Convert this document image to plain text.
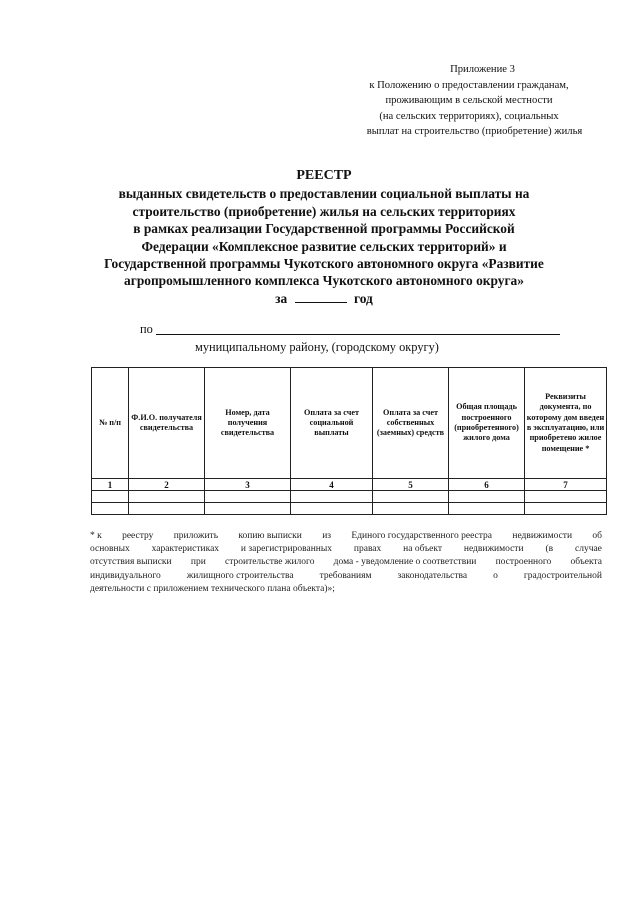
Приложение 3
к Положению о предоставлении гражданам,
проживающим в сельской местности
(на сельских территориях), социальных
выплат на строительство (приобретение) жилья
РЕЕСТР
выданных свидетельств о предоставлении социальной выплаты на
строительство (приобретение) жилья на сельских территориях
в рамках реализации Государственной программы Российской
Федерации «Комплексное развитие сельских территорий» и
Государственной программы Чукотского автономного округа «Развитие
агропромышленного комплекса Чукотского автономного округа»
за	год
по
муниципальному району, (городскому округу)
№ п/п	Ф.И.О. получателя свидетельства	Номер, дата получения свидетельства	Оплата за счет социальной выплаты	Оплата за счет собственных (заемных) средств	Общая площадь построенного (приобретенного) жилого дома	Реквизиты документа, по которому дом введен в эксплуатацию, или приобретено жилое помещение *
1	2	3	4	5	6	7

* к реестру приложить копию выписки из Единого государственного реестра недвижимости об
основных характеристиках и зарегистрированных правах на объект недвижимости (в случае
отсутствия выписки при строительстве жилого дома - уведомление о соответствии построенного объекта
индивидуального	жилищного строительства	требованиям	законодательства	о	градостроительной
деятельности с приложением технического плана объекта)»;
